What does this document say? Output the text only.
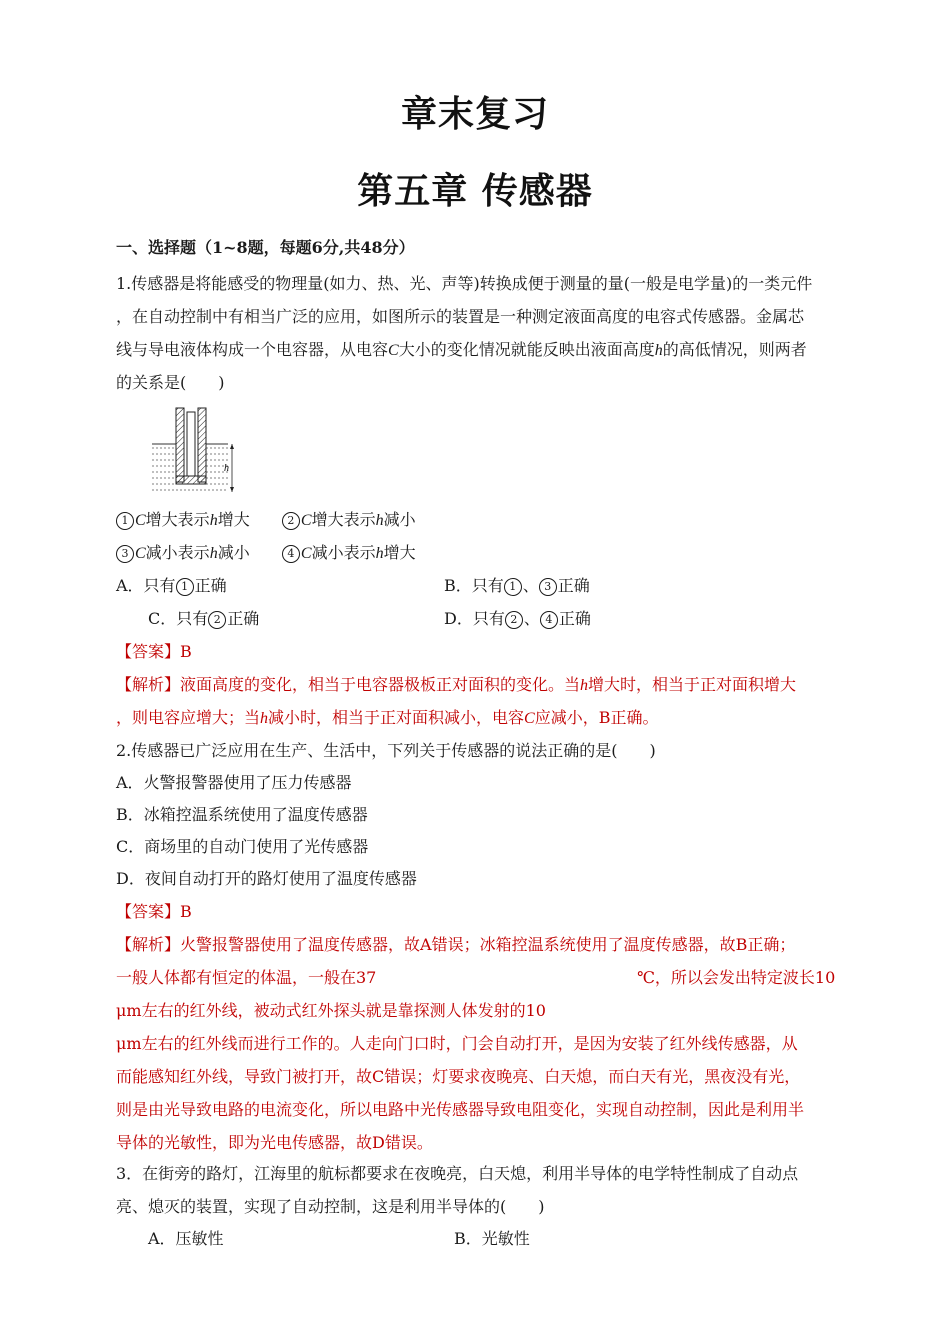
章末复习
第五章 传感器
一、选择题（1~8题，每题6分,共48分）
1.传感器是将能感受的物理量(如力、热、光、声等)转换成便于测量的量(一般是电学量)的一类元件
，在自动控制中有相当广泛的应用，如图所示的装置是一种测定液面高度的电容式传感器。金属芯
线与导电液体构成一个电容器，从电容C大小的变化情况就能反映出液面高度h的高低情况，则两者
的关系是(　　)
h
1 C增大表示h增大	2 C增大表示h减小
3 C减小表示h减小	4 C减小表示h增大
A．只有 1 正确	B．只有 1 、 3 正确
C．只有 2 正确	D．只有 2 、 4 正确
【答案】B
【解析】液面高度的变化，相当于电容器极板正对面积的变化。当h增大时，相当于正对面积增大
，则电容应增大；当h减小时，相当于正对面积减小，电容C应减小，B正确。
2.传感器已广泛应用在生产、生活中，下列关于传感器的说法正确的是(　　)
A．火警报警器使用了压力传感器
B．冰箱控温系统使用了温度传感器
C．商场里的自动门使用了光传感器
D．夜间自动打开的路灯使用了温度传感器
【答案】B
【解析】火警报警器使用了温度传感器，故A错误；冰箱控温系统使用了温度传感器，故B正确；
一般人体都有恒定的体温，一般在37	℃，所以会发出特定波长10
μm左右的红外线，被动式红外探头就是靠探测人体发射的10
μm左右的红外线而进行工作的。人走向门口时，门会自动打开，是因为安装了红外线传感器，从
而能感知红外线，导致门被打开，故C错误；灯要求夜晚亮、白天熄，而白天有光，黑夜没有光，
则是由光导致电路的电流变化，所以电路中光传感器导致电阻变化，实现自动控制，因此是利用半
导体的光敏性，即为光电传感器，故D错误。
3．在街旁的路灯，江海里的航标都要求在夜晚亮，白天熄，利用半导体的电学特性制成了自动点
亮、熄灭的装置，实现了自动控制，这是利用半导体的(　　)
A．压敏性	B．光敏性
